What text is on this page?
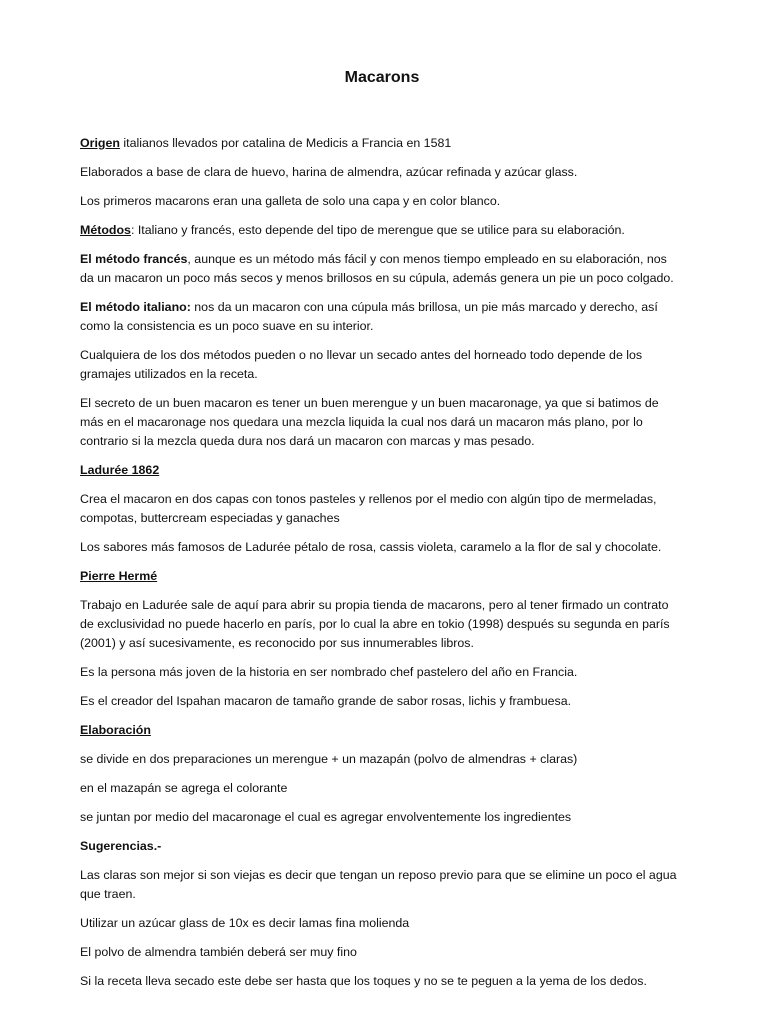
Macarons

Origen italianos llevados por catalina de Medicis a Francia en 1581

Elaborados a base de clara de huevo, harina de almendra, azúcar refinada y azúcar glass.

Los primeros macarons eran una galleta de solo una capa y en color blanco.

Métodos: Italiano y francés, esto depende del tipo de merengue que se utilice para su elaboración.

El método francés, aunque es un método más fácil y con menos tiempo empleado en su elaboración, nos da un macaron un poco más secos y menos brillosos en su cúpula, además genera un pie un poco colgado.

El método italiano: nos da un macaron con una cúpula más brillosa, un pie más marcado y derecho, así como la consistencia es un poco suave en su interior.

Cualquiera de los dos métodos pueden o no llevar un secado antes del horneado todo depende de los gramajes utilizados en la receta.

El secreto de un buen macaron es tener un buen merengue y un buen macaronage, ya que si batimos de más en el macaronage nos quedara una mezcla liquida la cual nos dará un macaron más plano, por lo contrario si la mezcla queda dura nos dará un macaron con marcas y mas pesado.

Ladurée 1862

Crea el macaron en dos capas con tonos pasteles y rellenos por el medio con algún tipo de mermeladas, compotas, buttercream especiadas y ganaches

Los sabores más famosos de Ladurée pétalo de rosa, cassis violeta, caramelo a la flor de sal y chocolate.

Pierre Hermé

Trabajo en Ladurée sale de aquí para abrir su propia tienda de macarons, pero al tener firmado un contrato de exclusividad no puede hacerlo en parís, por lo cual la abre en tokio (1998) después su segunda en parís (2001) y así sucesivamente, es reconocido por sus innumerables libros.

Es la persona más joven de la historia en ser nombrado chef pastelero del año en Francia.

Es el creador del Ispahan macaron de tamaño grande de sabor rosas, lichis y frambuesa.

Elaboración

se divide en dos preparaciones un merengue + un mazapán (polvo de almendras + claras)

en el mazapán se agrega el colorante

se juntan por medio del macaronage el cual es agregar envolventemente los ingredientes

Sugerencias.-

Las claras son mejor si son viejas es decir que tengan un reposo previo para que se elimine un poco el agua que traen.

Utilizar un azúcar glass de 10x es decir lamas fina molienda

El polvo de almendra también deberá ser muy fino

Si la receta lleva secado este debe ser hasta que los toques y no se te peguen a la yema de los dedos.
